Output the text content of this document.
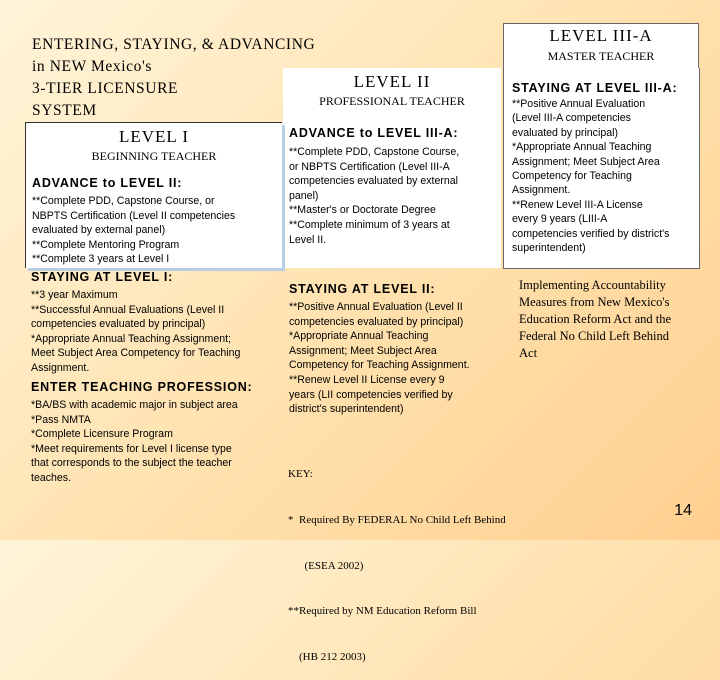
ENTERING, STAYING, & ADVANCING
in NEW Mexico's
3-TIER LICENSURE
SYSTEM
LEVEL II
PROFESSIONAL TEACHER
ADVANCE to LEVEL III-A:
**Complete PDD, Capstone Course,
or NBPTS Certification (Level III-A
competencies evaluated by external
panel)
**Master's or Doctorate Degree
**Complete minimum of 3 years at
Level II.
LEVEL I
BEGINNING TEACHER
ADVANCE to LEVEL II:
**Complete PDD, Capstone Course, or
NBPTS Certification (Level II competencies
evaluated by external panel)
**Complete Mentoring Program
**Complete 3 years at Level I
STAYING AT LEVEL I:
**3 year Maximum
**Successful Annual Evaluations (Level II
competencies evaluated by principal)
*Appropriate Annual Teaching Assignment;
Meet Subject Area Competency for Teaching
Assignment.
ENTER TEACHING PROFESSION:
*BA/BS with academic major in subject area
*Pass NMTA
*Complete Licensure Program
*Meet requirements for Level I license type
that corresponds to the subject the teacher
teaches.
STAYING AT LEVEL II:
**Positive Annual Evaluation (Level II
competencies evaluated by principal)
*Appropriate Annual Teaching
Assignment; Meet Subject Area
Competency for Teaching Assignment.
**Renew Level II License every 9
years (LII competencies verified by
district's superintendent)
LEVEL III-A
MASTER TEACHER
STAYING AT LEVEL III-A:
**Positive Annual Evaluation
(Level III-A competencies
evaluated by principal)
*Appropriate Annual Teaching
Assignment; Meet Subject Area
Competency for Teaching
Assignment.
**Renew Level III-A License
every 9 years (LIII-A
competencies verified by district's
superintendent)
Implementing Accountability
Measures from New Mexico's
Education Reform Act and the
Federal No Child Left Behind
Act

KEY:

*  Required By FEDERAL No Child Left Behind

(ESEA 2002)

**Required by NM Education Reform Bill

(HB 212 2003)

14
